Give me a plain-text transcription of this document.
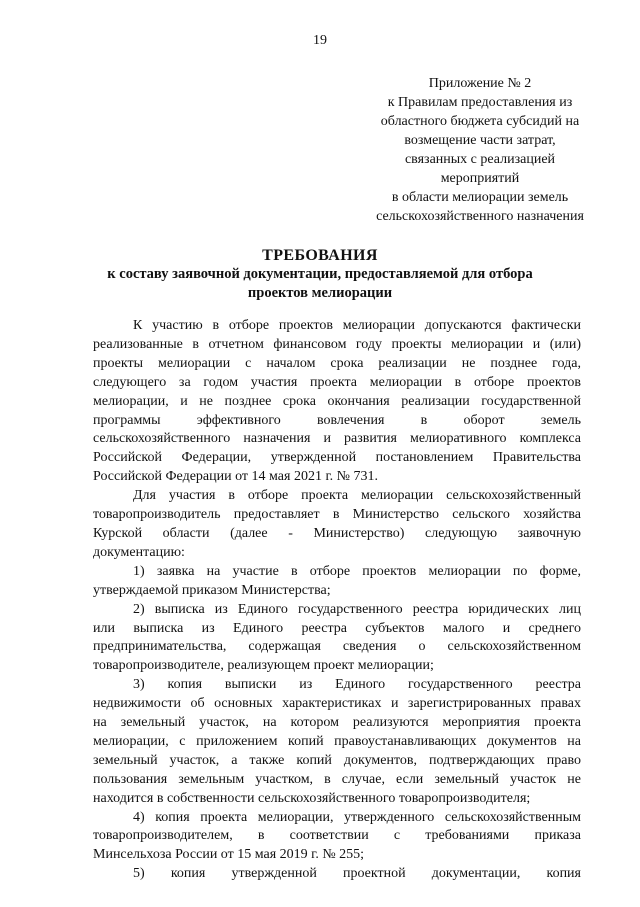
19
Приложение № 2
к Правилам предоставления из
областного бюджета субсидий на
возмещение части затрат,
связанных с реализацией
мероприятий
в области мелиорации земель
сельскохозяйственного назначения
ТРЕБОВАНИЯ
к составу заявочной документации, предоставляемой для отбора
проектов мелиорации
К участию в отборе проектов мелиорации допускаются фактически
реализованные в отчетном финансовом году проекты мелиорации и (или)
проекты мелиорации с началом срока реализации не позднее года,
следующего за годом участия проекта мелиорации в отборе проектов
мелиорации, и не позднее срока окончания реализации государственной
программы эффективного вовлечения в оборот земель
сельскохозяйственного назначения и развития мелиоративного комплекса
Российской Федерации, утвержденной постановлением Правительства
Российской Федерации от 14 мая 2021 г. № 731.
Для участия в отборе проекта мелиорации сельскохозяйственный
товаропроизводитель предоставляет в Министерство сельского хозяйства
Курской области (далее - Министерство) следующую заявочную
документацию:
1) заявка на участие в отборе проектов мелиорации по форме,
утверждаемой приказом Министерства;
2) выписка из Единого государственного реестра юридических лиц
или выписка из Единого реестра субъектов малого и среднего
предпринимательства, содержащая сведения о сельскохозяйственном
товаропроизводителе, реализующем проект мелиорации;
3) копия выписки из Единого государственного реестра
недвижимости об основных характеристиках и зарегистрированных правах
на земельный участок, на котором реализуются мероприятия проекта
мелиорации, с приложением копий правоустанавливающих документов на
земельный участок, а также копий документов, подтверждающих право
пользования земельным участком, в случае, если земельный участок не
находится в собственности сельскохозяйственного товаропроизводителя;
4) копия проекта мелиорации, утвержденного сельскохозяйственным
товаропроизводителем, в соответствии с требованиями приказа
Минсельхоза России от 15 мая 2019 г. № 255;
5) копия утвержденной проектной документации, копия
